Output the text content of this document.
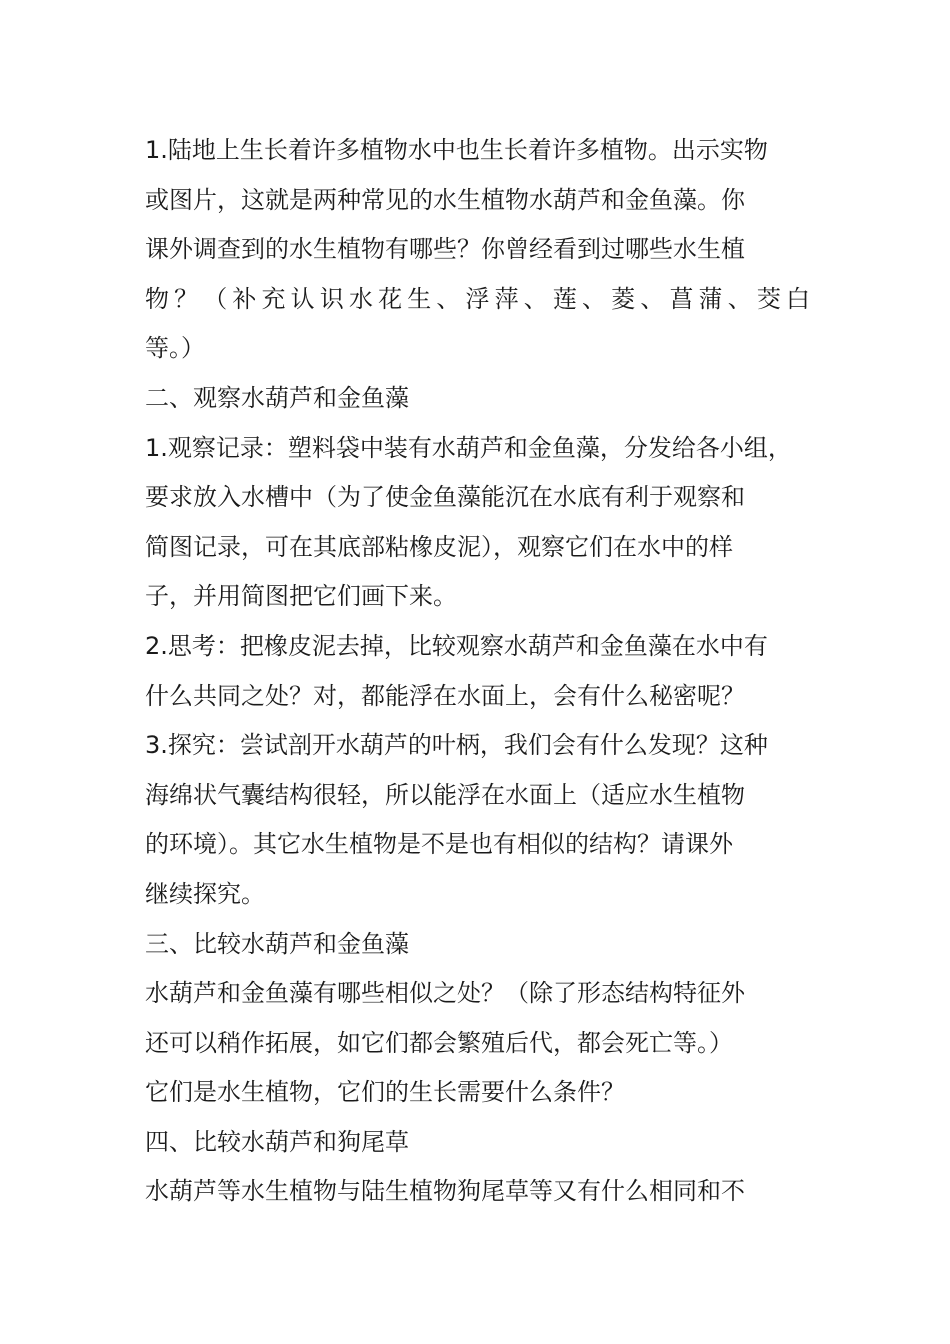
1.陆地上生长着许多植物水中也生长着许多植物。出示实物
或图片，这就是两种常见的水生植物水葫芦和金鱼藻。你
课外调查到的水生植物有哪些？你曾经看到过哪些水生植
物？（补充认识水花生、浮萍、莲、菱、菖蒲、茭白
等。）
二、观察水葫芦和金鱼藻
1.观察记录：塑料袋中装有水葫芦和金鱼藻，分发给各小组，
要求放入水槽中（为了使金鱼藻能沉在水底有利于观察和
简图记录，可在其底部粘橡皮泥），观察它们在水中的样
子，并用简图把它们画下来。
2.思考：把橡皮泥去掉，比较观察水葫芦和金鱼藻在水中有
什么共同之处？对，都能浮在水面上，会有什么秘密呢？
3.探究：尝试剖开水葫芦的叶柄，我们会有什么发现？这种
海绵状气囊结构很轻，所以能浮在水面上（适应水生植物
的环境）。其它水生植物是不是也有相似的结构？请课外
继续探究。
三、比较水葫芦和金鱼藻
水葫芦和金鱼藻有哪些相似之处？（除了形态结构特征外
还可以稍作拓展，如它们都会繁殖后代，都会死亡等。）
它们是水生植物，它们的生长需要什么条件？
四、比较水葫芦和狗尾草
水葫芦等水生植物与陆生植物狗尾草等又有什么相同和不
